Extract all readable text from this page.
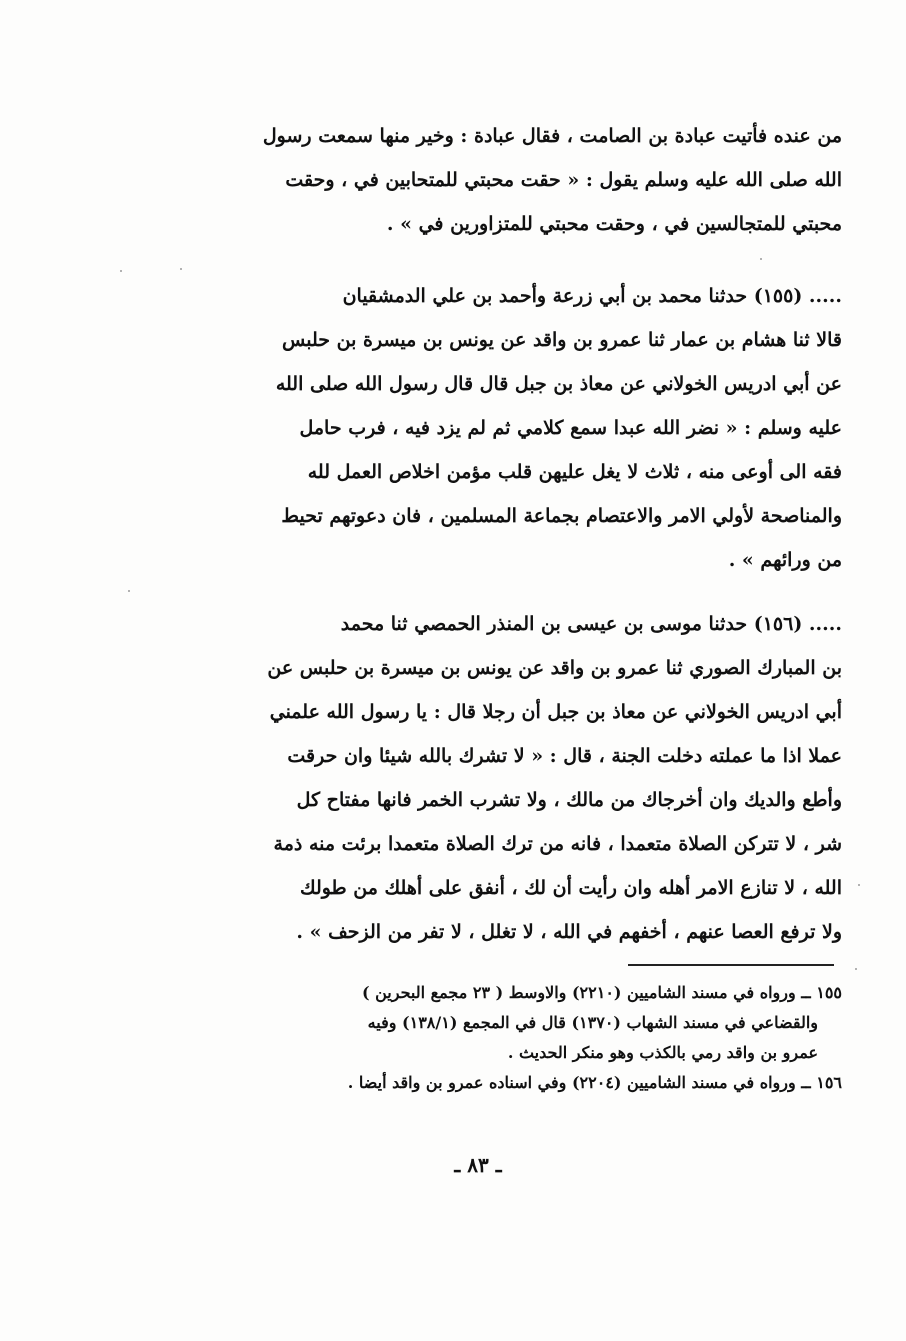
من عنده فأتيت عبادة بن الصامت ، فقال عبادة : وخير منها سمعت رسول
الله صلى الله عليه وسلم يقول : « حقت محبتي للمتحابين في ، وحقت
محبتي للمتجالسين في ، وحقت محبتي للمتزاورين في » .
..... (١٥٥) حدثنا محمد بن أبي زرعة وأحمد بن علي الدمشقيان
قالا ثنا هشام بن عمار ثنا عمرو بن واقد عن يونس بن ميسرة بن حلبس
عن أبي ادريس الخولاني عن معاذ بن جبل قال قال رسول الله صلى الله
عليه وسلم : « نضر الله عبدا سمع كلامي ثم لم يزد فيه ، فرب حامل
فقه الى أوعى منه ، ثلاث لا يغل عليهن قلب مؤمن اخلاص العمل لله
والمناصحة لأولي الامر والاعتصام بجماعة المسلمين ، فان دعوتهم تحيط
من ورائهم » .
..... (١٥٦) حدثنا موسى بن عيسى بن المنذر الحمصي ثنا محمد
بن المبارك الصوري ثنا عمرو بن واقد عن يونس بن ميسرة بن حلبس عن
أبي ادريس الخولاني عن معاذ بن جبل أن رجلا قال : يا رسول الله علمني
عملا اذا ما عملته دخلت الجنة ، قال : « لا تشرك بالله شيئا وان حرقت
وأطع والديك وان أخرجاك من مالك ، ولا تشرب الخمر فانها مفتاح كل
شر ، لا تتركن الصلاة متعمدا ، فانه من ترك الصلاة متعمدا برئت منه ذمة
الله ، لا تنازع الامر أهله وان رأيت أن لك ، أنفق على أهلك من طولك
ولا ترفع العصا عنهم ، أخفهم في الله ، لا تغلل ، لا تفر من الزحف » .
١٥٥ ــ ورواه في مسند الشاميين (٢٢١٠) والاوسط ( ٢٣ مجمع البحرين )
والقضاعي في مسند الشهاب (١٣٧٠) قال في المجمع (١٣٨/١) وفيه
عمرو بن واقد رمي بالكذب وهو منكر الحديث .
١٥٦ ــ ورواه في مسند الشاميين (٢٢٠٤) وفي اسناده عمرو بن واقد أيضا .
ـ ٨٣ ـ
